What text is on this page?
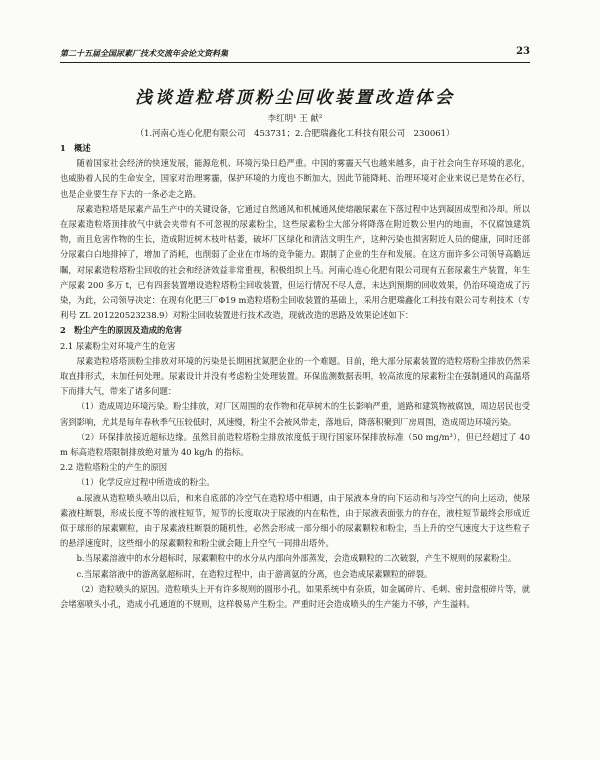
第二十五届全国尿素厂技术交流年会论文资料集	23
浅谈造粒塔顶粉尘回收装置改造体会
李红明¹ 王 献²
（1.河南心连心化肥有限公司　453731；2.合肥瑞鑫化工科技有限公司　230061）

1　概述

随着国家社会经济的快速发展，能源危机、环境污染日趋严重。中国的雾霾天气也越来越多，由于社会向生存环境的恶化，也威胁着人民的生命安全，国家对治理雾霾，保护环境的力度也不断加大，因此节能降耗、治理环境对企业来说已是势在必行，也是企业要生存下去的一条必走之路。

尿素造粒塔是尿素产品生产中的关键设备，它通过自然通风和机械通风使熔融尿素在下落过程中达到凝固成型和冷却。所以在尿素造粒塔顶排放气中就会夹带有不可忽视的尿素粉尘，这些尿素粉尘大部分将降落在附近数公里内的地面，不仅腐蚀建筑物，而且危害作物的生长，造成附近树木枝叶枯萎，破坏厂区绿化和清洁文明生产，这种污染也损害附近人员的健康，同时还部分尿素白白地排掉了，增加了消耗，也削弱了企业在市场的竞争能力。跟制了企业的生存和发展。在这方面许多公司领导高瞻远瞩，对尿素造粒塔粉尘回收的社会和经济效益非常重视，积极组织上马。河南心连心化肥有限公司现有五套尿素生产装置，年生产尿素 200 多万 t，已有四套装置增设造粒塔粉尘回收装置，但运行情况不尽人意，未达到预期的回收效果，仍治环境造成了污染，为此，公司领导决定：在现有化肥三厂Φ19 m造粒塔粉尘回收装置的基础上，采用合肥瑞鑫化工科技有限公司专利技术（专利号 ZL 201220523238.9）对粉尘回收装置进行技术改造，现就改造的思路及效果论述如下：

2　粉尘产生的原因及造成的危害

2.1 尿素粉尘对环境产生的危害

尿素造粒塔塔顶粉尘排放对环境的污染是长期困扰氮肥企业的一个难题。目前，绝大部分尿素装置的造粒塔粉尘排放仍然采取直排形式，未加任何处理。尿素设计并没有考虑粉尘处理装置。环保监测数据表明，较高浓度的尿素粉尘在强制通风的高温塔下而排大气，带来了诸多问题：

（1）造成周边环境污染。粉尘排放，对厂区周围的农作物和花草树木的生长影响严重，道路和建筑物被腐蚀，周边居民也受害到影响，尤其是每年春秋季气压较低时，风速慢，粉尘不会被风带走，落地后，降落积聚到厂房周围，造成周边环境污染。

（2）环保排放接近超标边缘。虽然目前造粒塔粉尘排放浓度低于现行国家环保排放标准（50 mg/m³），但已经超过了 40 m 标高造粒塔限制排放绝对量为 40 kg/h 的指标。

2.2 造粒塔粉尘的产生的原因

（1）化学反应过程中所造成的粉尘。

a.尿液从造粒喷头喷出以后，和来自底部的冷空气在造粒塔中相遇，由于尿液本身的向下运动和与冷空气的向上运动，使尿素液柱断裂，形成长度不等的液柱短节，短节的长度取决于尿液的内在粘性，由于尿液表面张力的存在，液柱短节最终会形成近似于球形的尿素颗粒，由于尿素液柱断裂的随机性，必然会形成一部分细小的尿素颗粒和粉尘，当上升的空气速度大于这些粒子的悬浮速度时，这些细小的尿素颗粒和粉尘就会随上升空气一同排出塔外。

b.当尿素溶液中的水分超标时，尿素颗粒中的水分从内部向外部蒸发，会造成颗粒的二次破裂，产生不规则的尿素粉尘。

c.当尿素溶液中的游离氨超标时，在造粒过程中，由于游离氨的分离，也会造成尿素颗粒的碎裂。

（2）造粒喷头的原因。造粒喷头上开有许多规则的圆形小孔，如果系统中有杂质，如金属碎片、毛刺、密封盘根碎片等，就会堵塞喷头小孔，造成小孔通道的不规则，这样极易产生粉尘。严重时还会造成喷头的生产能力不够，产生溢料。
